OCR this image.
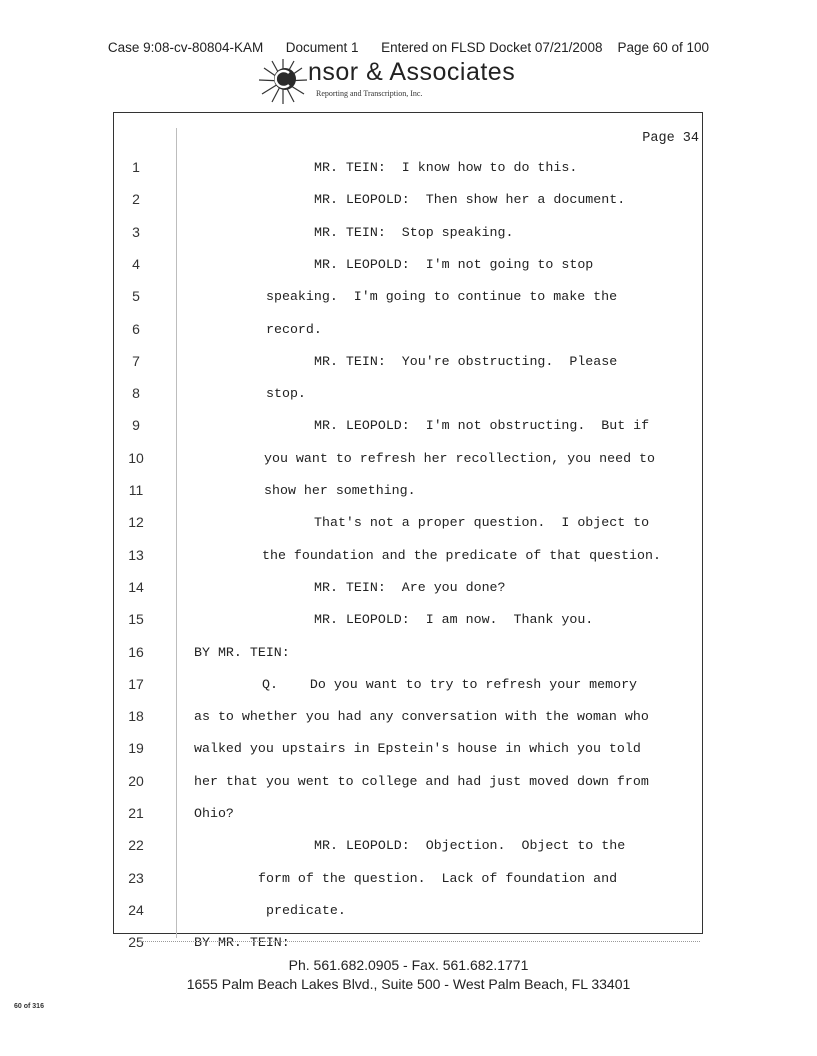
Case 9:08-cv-80804-KAM Document 1 Entered on FLSD Docket 07/21/2008 Page 60 of 100
nsor & Associates
Reporting and Transcription, Inc.
Page 34
1	MR. TEIN:  I know how to do this.
2	MR. LEOPOLD:  Then show her a document.
3	MR. TEIN:  Stop speaking.
4	MR. LEOPOLD:  I'm not going to stop
5	speaking.  I'm going to continue to make the
6	record.
7	MR. TEIN:  You're obstructing.  Please
8	stop.
9	MR. LEOPOLD:  I'm not obstructing.  But if
10	you want to refresh her recollection, you need to
11	show her something.
12	That's not a proper question.  I object to
13	the foundation and the predicate of that question.
14	MR. TEIN:  Are you done?
15	MR. LEOPOLD:  I am now.  Thank you.
16	BY MR. TEIN:
17	Q.    Do you want to try to refresh your memory
18	as to whether you had any conversation with the woman who
19	walked you upstairs in Epstein's house in which you told
20	her that you went to college and had just moved down from
21	Ohio?
22	MR. LEOPOLD:  Objection.  Object to the
23	form of the question.  Lack of foundation and
24	predicate.
25	BY MR. TEIN:
Ph. 561.682.0905 - Fax. 561.682.1771
1655 Palm Beach Lakes Blvd., Suite 500 - West Palm Beach, FL 33401
60 of 316
